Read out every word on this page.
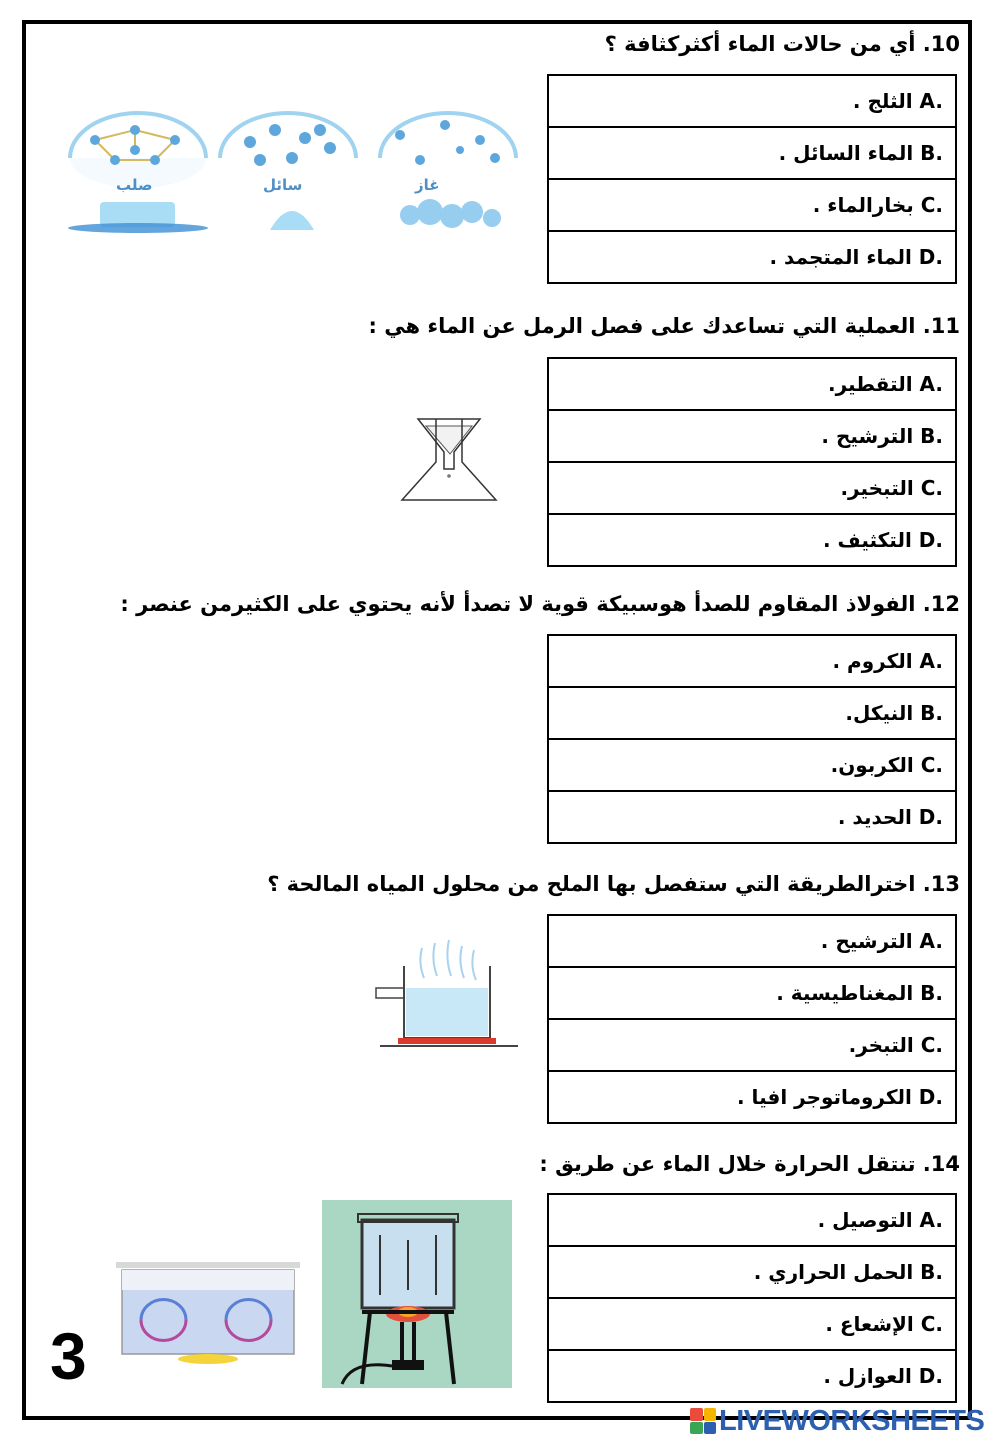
10. أي من حالات الماء أكثركثافة ؟
A. الثلج .
B. الماء السائل .
C. بخارالماء .
D. الماء المتجمد .
صلب	سائل	غاز
11. العملية التي تساعدك على فصل الرمل عن الماء هي :
A. التقطير.
B. الترشيح .
C. التبخير.
D. التكثيف .
12. الفولاذ المقاوم للصدأ هوسبيكة قوية لا تصدأ لأنه يحتوي على الكثيرمن عنصر :
A. الكروم .
B. النيكل.
C. الكربون.
D. الحديد .
13. اخترالطريقة التي ستفصل بها الملح من محلول المياه المالحة ؟
A. الترشيح .
B. المغناطيسية .
C. التبخر.
D. الكروماتوجر افيا .
14. تنتقل الحرارة خلال الماء عن طريق :
A. التوصيل .
B. الحمل الحراري .
C. الإشعاع .
D. العوازل .
3
LIVEWORKSHEETS
